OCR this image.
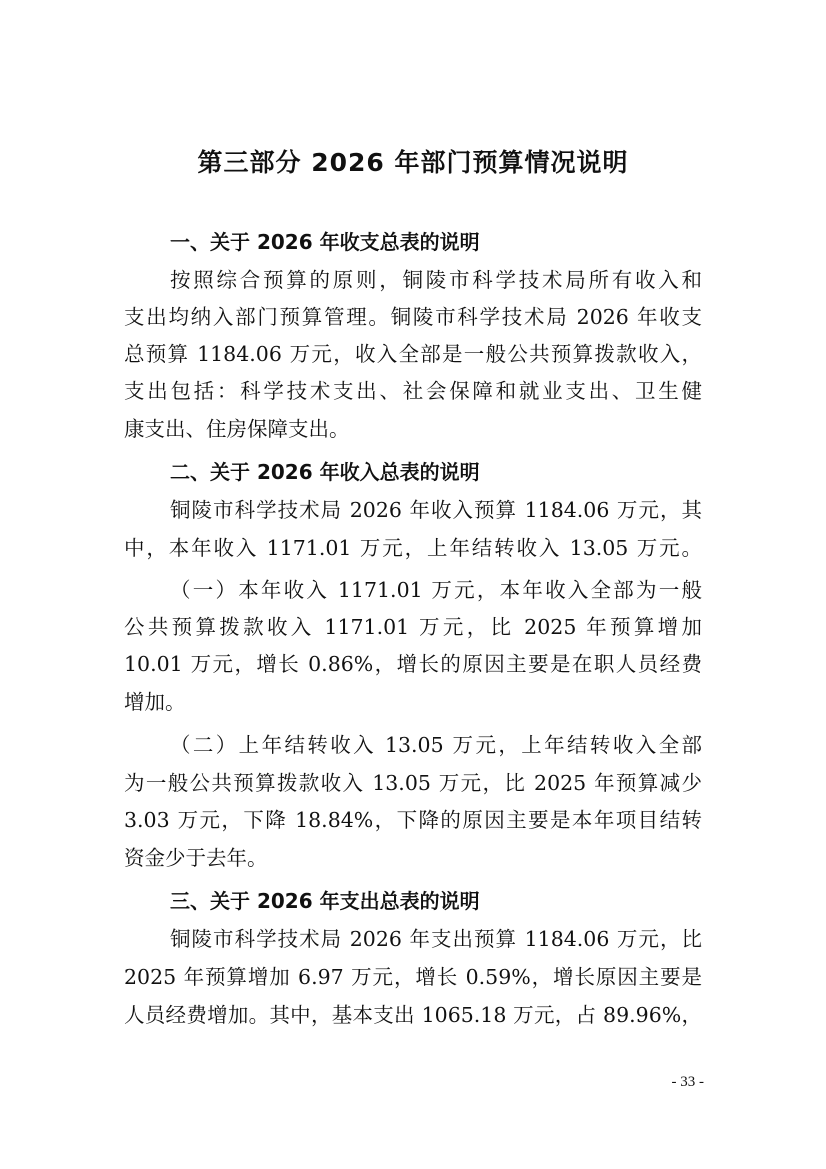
第三部分 2026 年部门预算情况说明
一、关于 2026 年收支总表的说明
按照综合预算的原则，铜陵市科学技术局所有收入和
支出均纳入部门预算管理。铜陵市科学技术局 2026 年收支
总预算 1184.06 万元，收入全部是一般公共预算拨款收入，
支出包括：科学技术支出、社会保障和就业支出、卫生健
康支出、住房保障支出。
二、关于 2026 年收入总表的说明
铜陵市科学技术局 2026 年收入预算 1184.06 万元，其
中，本年收入 1171.01 万元，上年结转收入 13.05 万元。
（一）本年收入 1171.01 万元，本年收入全部为一般
公共预算拨款收入 1171.01 万元，比 2025 年预算增加
10.01 万元，增长 0.86%，增长的原因主要是在职人员经费
增加。
（二）上年结转收入 13.05 万元，上年结转收入全部
为一般公共预算拨款收入 13.05 万元，比 2025 年预算减少
3.03 万元，下降 18.84%，下降的原因主要是本年项目结转
资金少于去年。
三、关于 2026 年支出总表的说明
铜陵市科学技术局 2026 年支出预算 1184.06 万元，比
2025 年预算增加 6.97 万元，增长 0.59%，增长原因主要是
人员经费增加。其中，基本支出 1065.18 万元，占 89.96%，
- 33 -
